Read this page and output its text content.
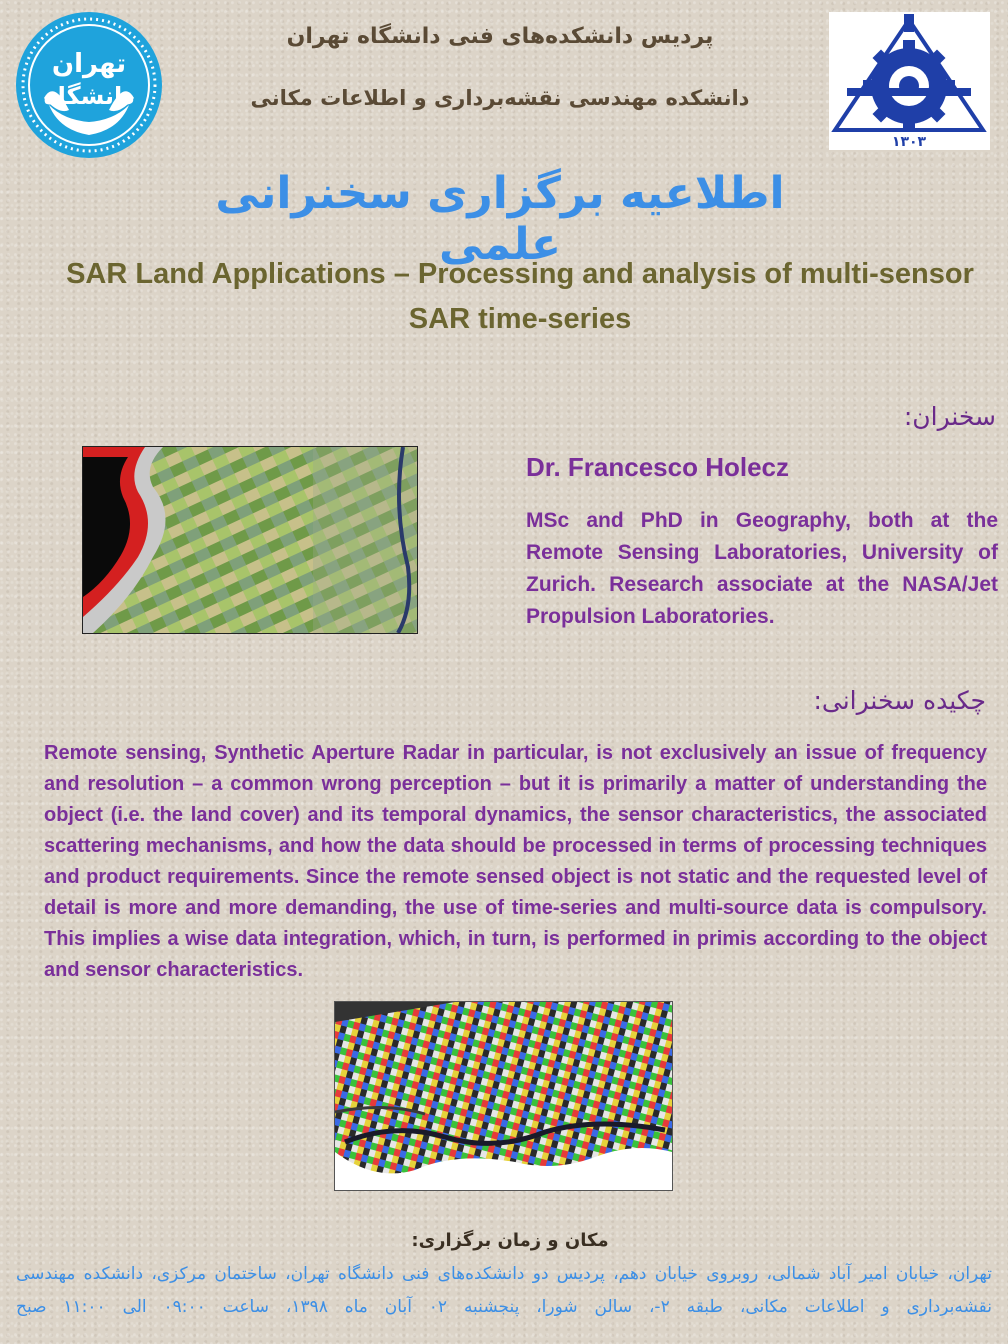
تهران
دانشگاه
۱۳۰۳
پردیس دانشکده‌های فنی دانشگاه تهران
دانشکده مهندسی نقشه‌برداری و اطلاعات مکانی
اطلاعیه برگزاری سخنرانی علمی
SAR Land Applications – Processing and analysis of multi-sensor SAR time-series
سخنران:
Dr. Francesco Holecz
MSc and PhD in Geography, both at the Remote Sensing Laboratories, University of Zurich. Research associate at the NASA/Jet Propulsion Laboratories.
چکیده سخنرانی:
Remote sensing, Synthetic Aperture Radar in particular, is not exclusively an issue of frequency and resolution – a common wrong perception – but it is primarily a matter of understanding the object (i.e. the land cover) and its temporal dynamics, the sensor characteristics, the associated scattering mechanisms, and how the data should be processed in terms of processing techniques and product requirements. Since the remote sensed object is not static and the requested level of detail is more and more demanding, the use of time-series and multi-source data is compulsory. This implies a wise data integration, which, in turn, is performed in primis according to the object and sensor characteristics.
مکان و زمان برگزاری:
تهران، خیابان امیر آباد شمالی، روبروی خیابان دهم، پردیس دو دانشکده‌های فنی دانشگاه تهران، ساختمان مرکزی، دانشکده مهندسی نقشه‌برداری و اطلاعات مکانی، طبقه ۲-، سالن شورا، پنجشنبه ۰۲ آبان ماه ۱۳۹۸، ساعت ۰۹:۰۰ الی ۱۱:۰۰ صبح
